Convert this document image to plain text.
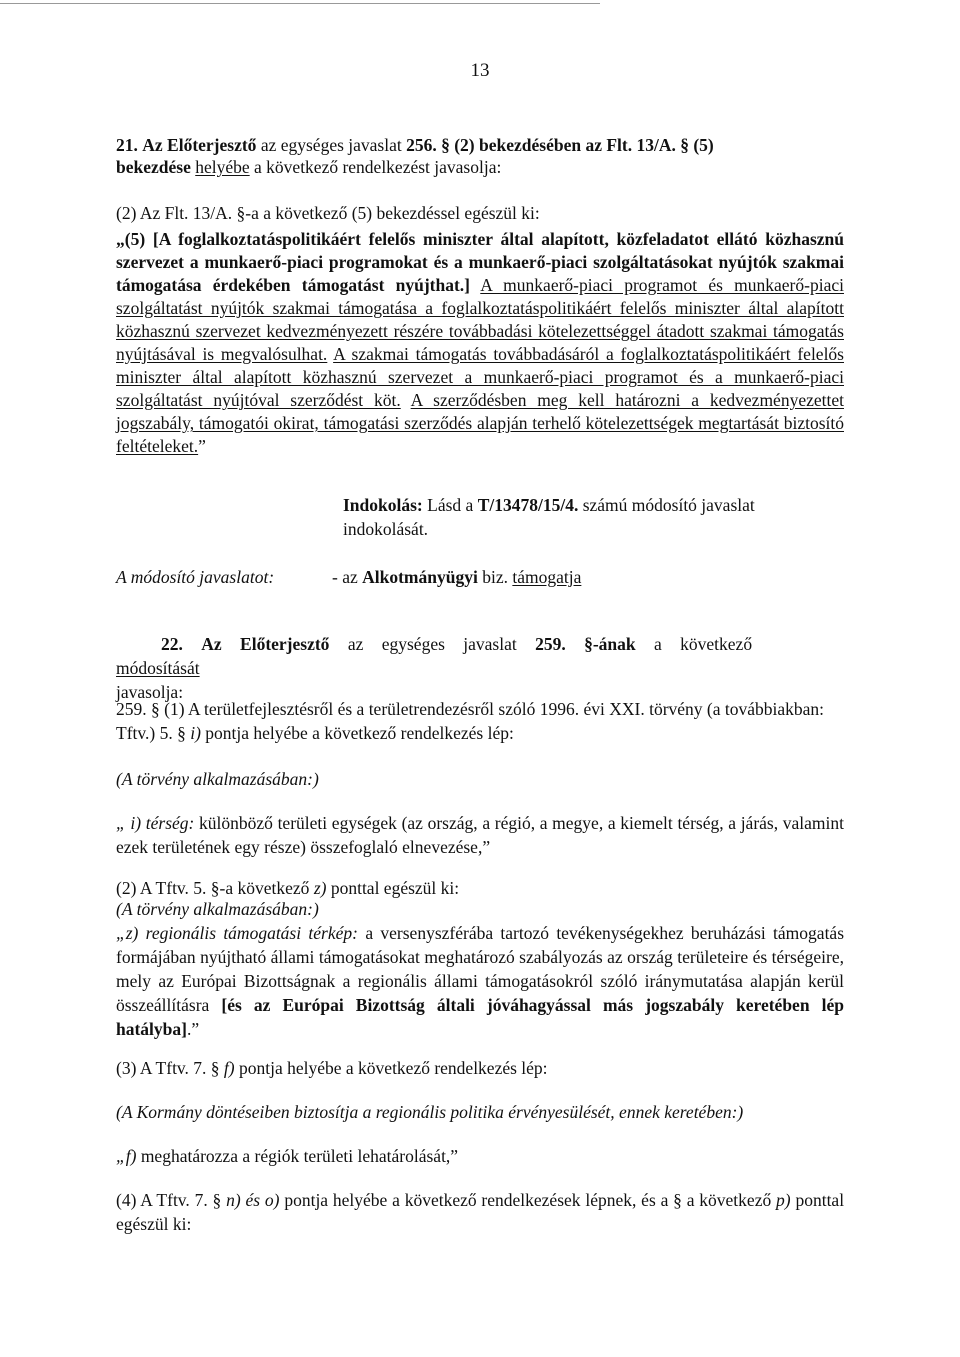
13
21. Az Előterjesztő az egységes javaslat 256. § (2) bekezdésében az Flt. 13/A. § (5)
bekezdése helyébe a következő rendelkezést javasolja:
(2) Az Flt. 13/A. §-a a következő (5) bekezdéssel egészül ki:
„(5) [A foglalkoztatáspolitikáért felelős miniszter által alapított, közfeladatot ellátó közhasznú szervezet a munkaerő-piaci programokat és a munkaerő-piaci szolgáltatásokat nyújtók szakmai támogatása érdekében támogatást nyújthat.] A munkaerő-piaci programot és munkaerő-piaci szolgáltatást nyújtók szakmai támogatása a foglalkoztatáspolitikáért felelős miniszter által alapított közhasznú szervezet kedvezményezett részére továbbadási kötelezettséggel átadott szakmai támogatás nyújtásával is megvalósulhat. A szakmai támogatás továbbadásáról a foglalkoztatáspolitikáért felelős miniszter által alapított közhasznú szervezet a munkaerő-piaci programot és a munkaerő-piaci szolgáltatást nyújtóval szerződést köt. A szerződésben meg kell határozni a kedvezményezettet jogszabály, támogatói okirat, támogatási szerződés alapján terhelő kötelezettségek megtartását biztosító feltételeket.”
Indokolás: Lásd a T/13478/15/4. számú módosító javaslat indokolását.
A módosító javaslatot:	- az Alkotmányügyi biz. támogatja
22. Az Előterjesztő az egységes javaslat 259. §-ának a következő módosítását
javasolja:
259. § (1) A területfejlesztésről és a területrendezésről szóló 1996. évi XXI. törvény (a továbbiakban: Tftv.) 5. § i) pontja helyébe a következő rendelkezés lép:
(A törvény alkalmazásában:)
„ i) térség: különböző területi egységek (az ország, a régió, a megye, a kiemelt térség, a járás, valamint ezek területének egy része) összefoglaló elnevezése,”
(2) A Tftv. 5. §-a következő z) ponttal egészül ki:
(A törvény alkalmazásában:)
„z) regionális támogatási térkép: a versenyszférába tartozó tevékenységekhez beruházási támogatás formájában nyújtható állami támogatásokat meghatározó szabályozás az ország területeire és térségeire, mely az Európai Bizottságnak a regionális állami támogatásokról szóló iránymutatása alapján kerül összeállításra [és az Európai Bizottság általi jóváhagyással más jogszabály keretében lép hatályba].”
(3) A Tftv. 7. § f) pontja helyébe a következő rendelkezés lép:
(A Kormány döntéseiben biztosítja a regionális politika érvényesülését, ennek keretében:)
„f) meghatározza a régiók területi lehatárolását,”
(4) A Tftv. 7. § n) és o) pontja helyébe a következő rendelkezések lépnek, és a § a következő p) ponttal egészül ki:
